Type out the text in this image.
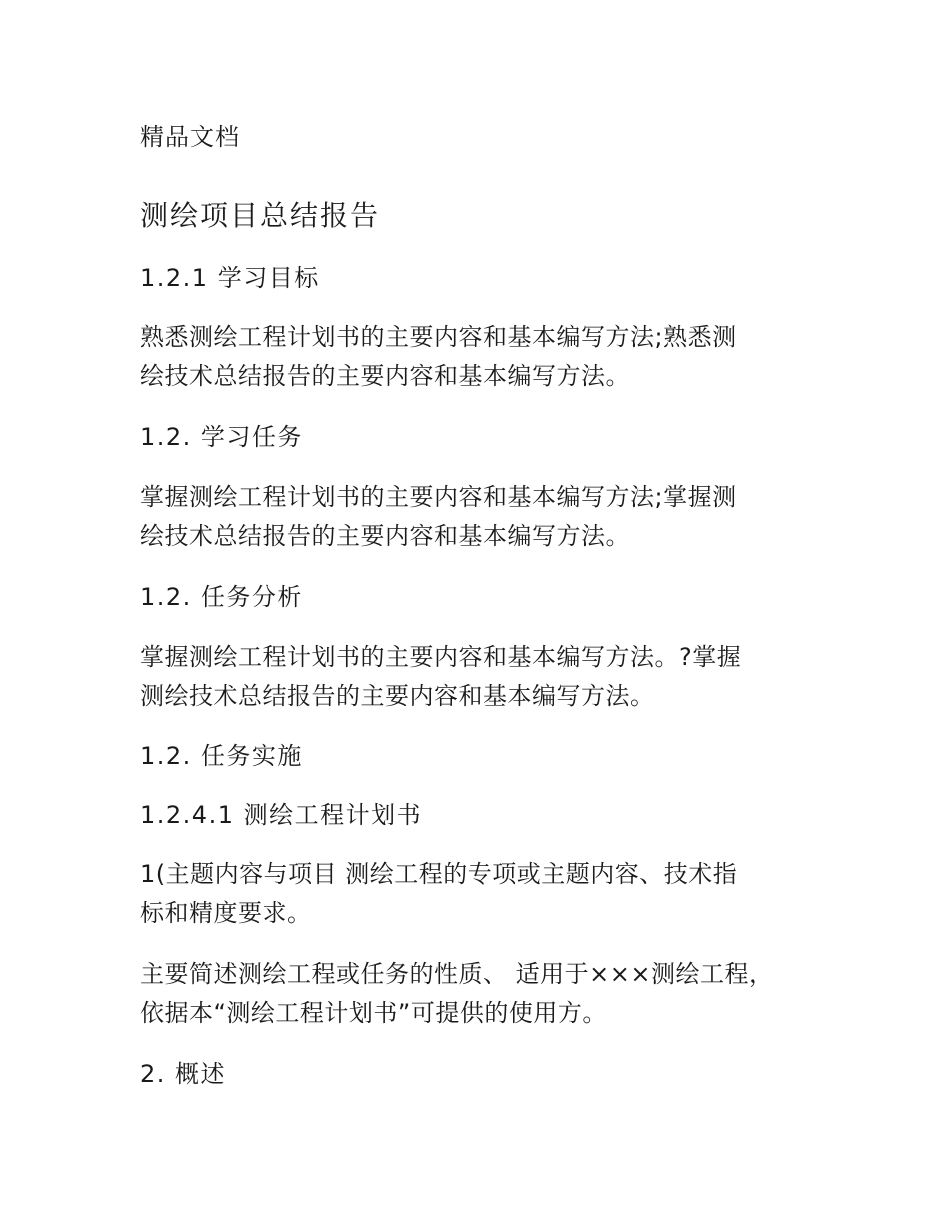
精品文档
测绘项目总结报告
1.2.1 学习目标
熟悉测绘工程计划书的主要内容和基本编写方法;熟悉测
绘技术总结报告的主要内容和基本编写方法。
1.2. 学习任务
掌握测绘工程计划书的主要内容和基本编写方法;掌握测
绘技术总结报告的主要内容和基本编写方法。
1.2. 任务分析
掌握测绘工程计划书的主要内容和基本编写方法。?掌握
测绘技术总结报告的主要内容和基本编写方法。
1.2. 任务实施
1.2.4.1 测绘工程计划书
1(主题内容与项目 测绘工程的专项或主题内容、技术指
标和精度要求。
主要简述测绘工程或任务的性质、 适用于×××测绘工程，
依据本“测绘工程计划书”可提供的使用方。
2. 概述
